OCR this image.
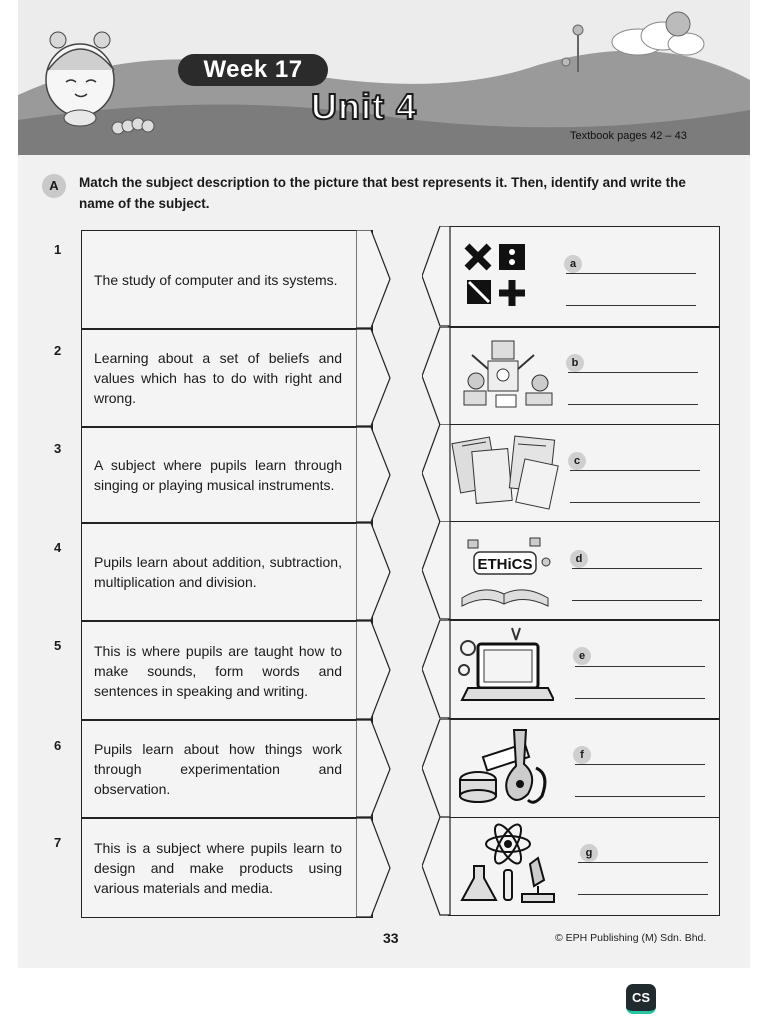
Week 17
Unit 4
Textbook pages 42 – 43
A	Match the subject description to the picture that best represents it. Then, identify and write the name of the subject.
1
The study of computer and its systems.
a
2	Learning about a set of beliefs and values which has to do with right and wrong.
b
3
A subject where pupils learn through singing or playing musical instruments.
c
4
Pupils learn about addition, subtraction, multiplication and division.
ETHiCS	d
5	This is where pupils are taught how to make sounds, form words and sentences in speaking and writing.
e
6	Pupils learn about how things work through experimentation and observation.
f
7	This is a subject where pupils learn to design and make products using various materials and media.
g
33	© EPH Publishing (M) Sdn. Bhd.
CS
